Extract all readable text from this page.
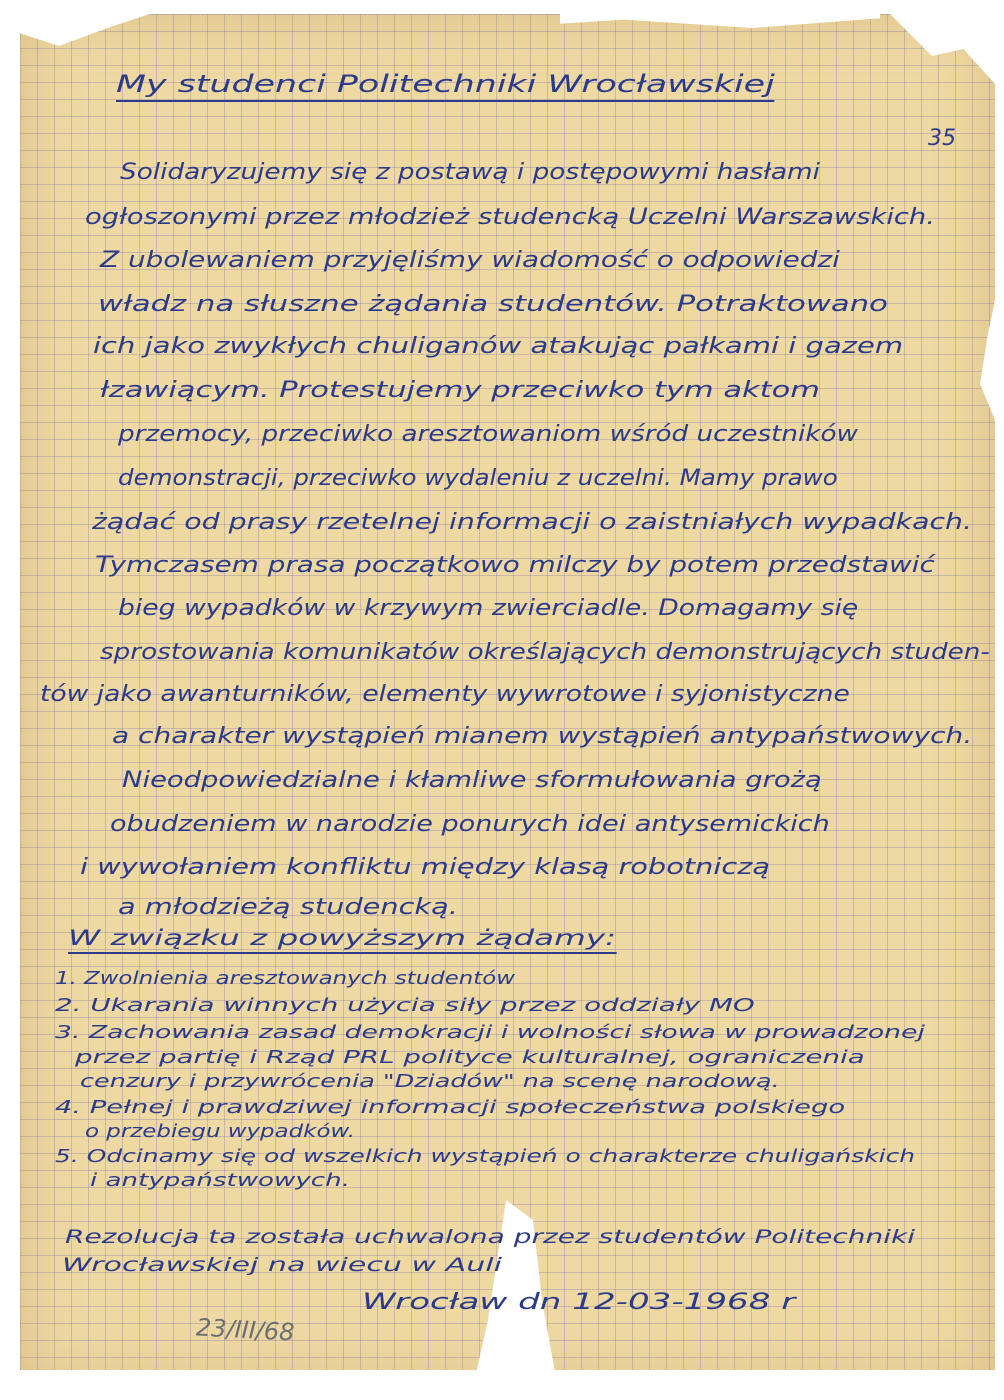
My studenci Politechniki Wrocławskiej
35
Solidaryzujemy się z postawą i postępowymi hasłami
ogłoszonymi przez młodzież studencką Uczelni Warszawskich.
Z ubolewaniem przyjęliśmy wiadomość o odpowiedzi
władz na słuszne żądania studentów. Potraktowano
ich jako zwykłych chuliganów atakując pałkami i gazem
łzawiącym. Protestujemy przeciwko tym aktom
przemocy, przeciwko aresztowaniom wśród uczestników
demonstracji, przeciwko wydaleniu z uczelni. Mamy prawo
żądać od prasy rzetelnej informacji o zaistniałych wypadkach.
Tymczasem prasa początkowo milczy by potem przedstawić
bieg wypadków w krzywym zwierciadle. Domagamy się
sprostowania komunikatów określających demonstrujących studen-
tów jako awanturników, elementy wywrotowe i syjonistyczne
a charakter wystąpień mianem wystąpień antypaństwowych.
Nieodpowiedzialne i kłamliwe sformułowania grożą
obudzeniem w narodzie ponurych idei antysemickich
i wywołaniem konfliktu między klasą robotniczą
a młodzieżą studencką.
W związku z powyższym żądamy:
1. Zwolnienia aresztowanych studentów
2. Ukarania winnych użycia siły przez oddziały MO
3. Zachowania zasad demokracji i wolności słowa w prowadzonej
przez partię i Rząd PRL polityce kulturalnej, ograniczenia
cenzury i przywrócenia "Dziadów" na scenę narodową.
4. Pełnej i prawdziwej informacji społeczeństwa polskiego
o przebiegu wypadków.
5. Odcinamy się od wszelkich wystąpień o charakterze chuligańskich
i antypaństwowych.
Rezolucja ta została uchwalona przez studentów Politechniki
Wrocławskiej na wiecu w Auli
Wrocław dn 12-03-1968 r
23/III/68
